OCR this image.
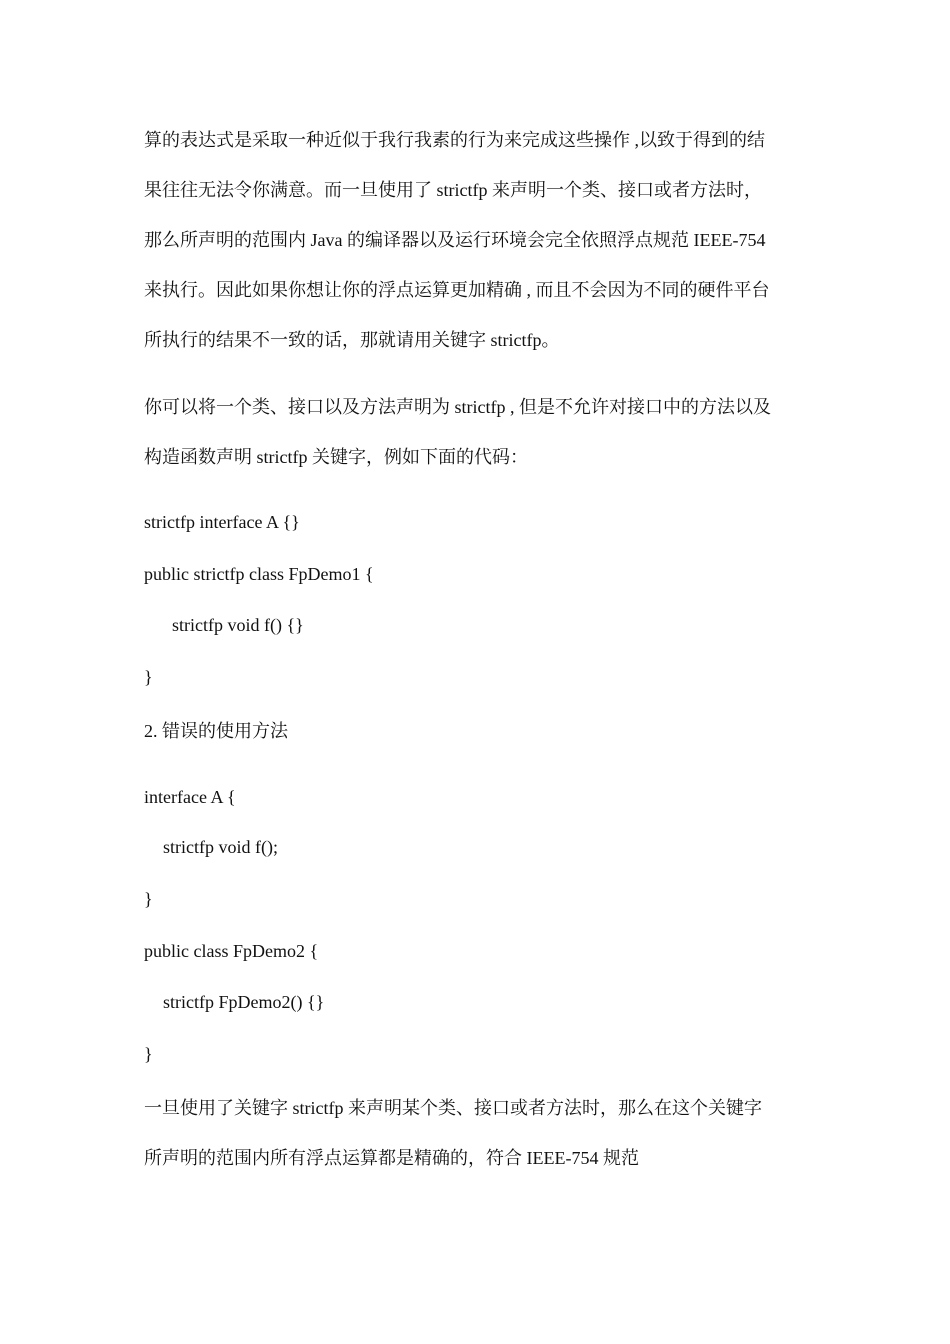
算的表达式是采取一种近似于我行我素的行为来完成这些操作 ,以致于得到的结

果往往无法令你满意。而一旦使用了 strictfp 来声明一个类、接口或者方法时，

那么所声明的范围内 Java 的编译器以及运行环境会完全依照浮点规范 IEEE-754

来执行。因此如果你想让你的浮点运算更加精确 , 而且不会因为不同的硬件平台

所执行的结果不一致的话，那就请用关键字 strictfp。

你可以将一个类、接口以及方法声明为 strictfp , 但是不允许对接口中的方法以及

构造函数声明 strictfp 关键字，例如下面的代码：

strictfp interface A {}

public strictfp class FpDemo1 {

strictfp void f() {}

}

2. 错误的使用方法

interface A {

strictfp void f();

}

public class FpDemo2 {

strictfp FpDemo2() {}

}

一旦使用了关键字 strictfp 来声明某个类、接口或者方法时，那么在这个关键字

所声明的范围内所有浮点运算都是精确的，符合 IEEE-754 规范
